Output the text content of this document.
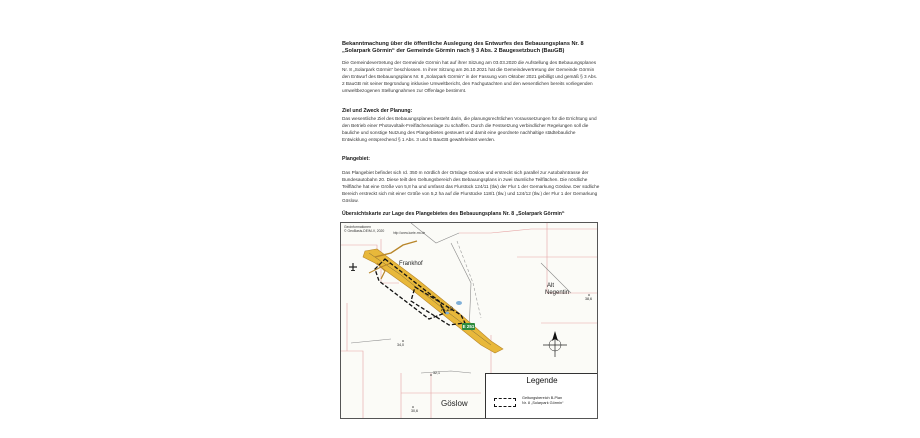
Bekanntmachung über die öffentliche Auslegung des Entwurfes des Bebauungsplans Nr. 8 „Solarpark Görmin“ der Gemeinde Görmin nach § 3 Abs. 2 Baugesetzbuch (BauGB)
Die Gemeindevertretung der Gemeinde Görmin hat auf ihrer Sitzung am 03.03.2020 die Aufstellung des Bebauungsplanes Nr. 8 „Solarpark Görmin“ beschlossen. In ihrer Sitzung am 26.10.2021 hat die Gemeindevertretung der Gemeinde Görmin den Entwurf des Bebauungsplans Nr. 8 „Solarpark Görmin“ in der Fassung vom Oktober 2021 gebilligt und gemäß § 3 Abs. 2 BauGB mit seiner Begründung inklusive Umweltbericht, den Fachgutachten und den wesentlichen bereits vorliegenden umweltbezogenen Stellungnahmen zur Offenlage bestimmt.
Ziel und Zweck der Planung:
Das wesentliche Ziel des Bebauungsplanes besteht darin, die planungsrechtlichen Voraussetzungen für die Errichtung und den Betrieb einer Photovoltaik-Freiflächenanlage zu schaffen. Durch die Festsetzung verbindlicher Regelungen soll die bauliche und sonstige Nutzung des Plangebietes gesteuert und damit eine geordnete nachhaltige städtebauliche Entwicklung entsprechend § 1 Abs. 3 und 5 BauGB gewährleistet werden.
Plangebiet:
Das Plangebiet befindet sich rd. 350 m nördlich der Ortslage Göslow und erstreckt sich parallel zur Autobahntrasse der Bundesautobahn 20. Diese teilt den Geltungsbereich des Bebauungsplans in zwei räumliche Teilflächen. Die nördliche Teilfläche hat eine Größe von 5,8 ha und umfasst das Flurstück 124/11 (tlw) der Flur 1 der Gemarkung Göslow. Der südliche Bereich erstreckt sich mit einer Größe von 5,2 ha auf die Flurstücke 118/1 (tlw.) und 124/12 (tlw.) der Flur 1 der Gemarkung Göslow.
Übersichtskarte zur Lage des Plangebietes des Bebauungsplans Nr. 8 „Solarpark Görmin“
Geoinformationen
© GeoBasis-DE/M-V, 2020	http://www.karte-mv.de
Frankhof
Alt
Negentin
Göslow
A 20
E 251
38,6
34,0
32,1
30,6
Legende
Geltungsbereich B-Plan
Nr. 8 „Solarpark Görmin“
